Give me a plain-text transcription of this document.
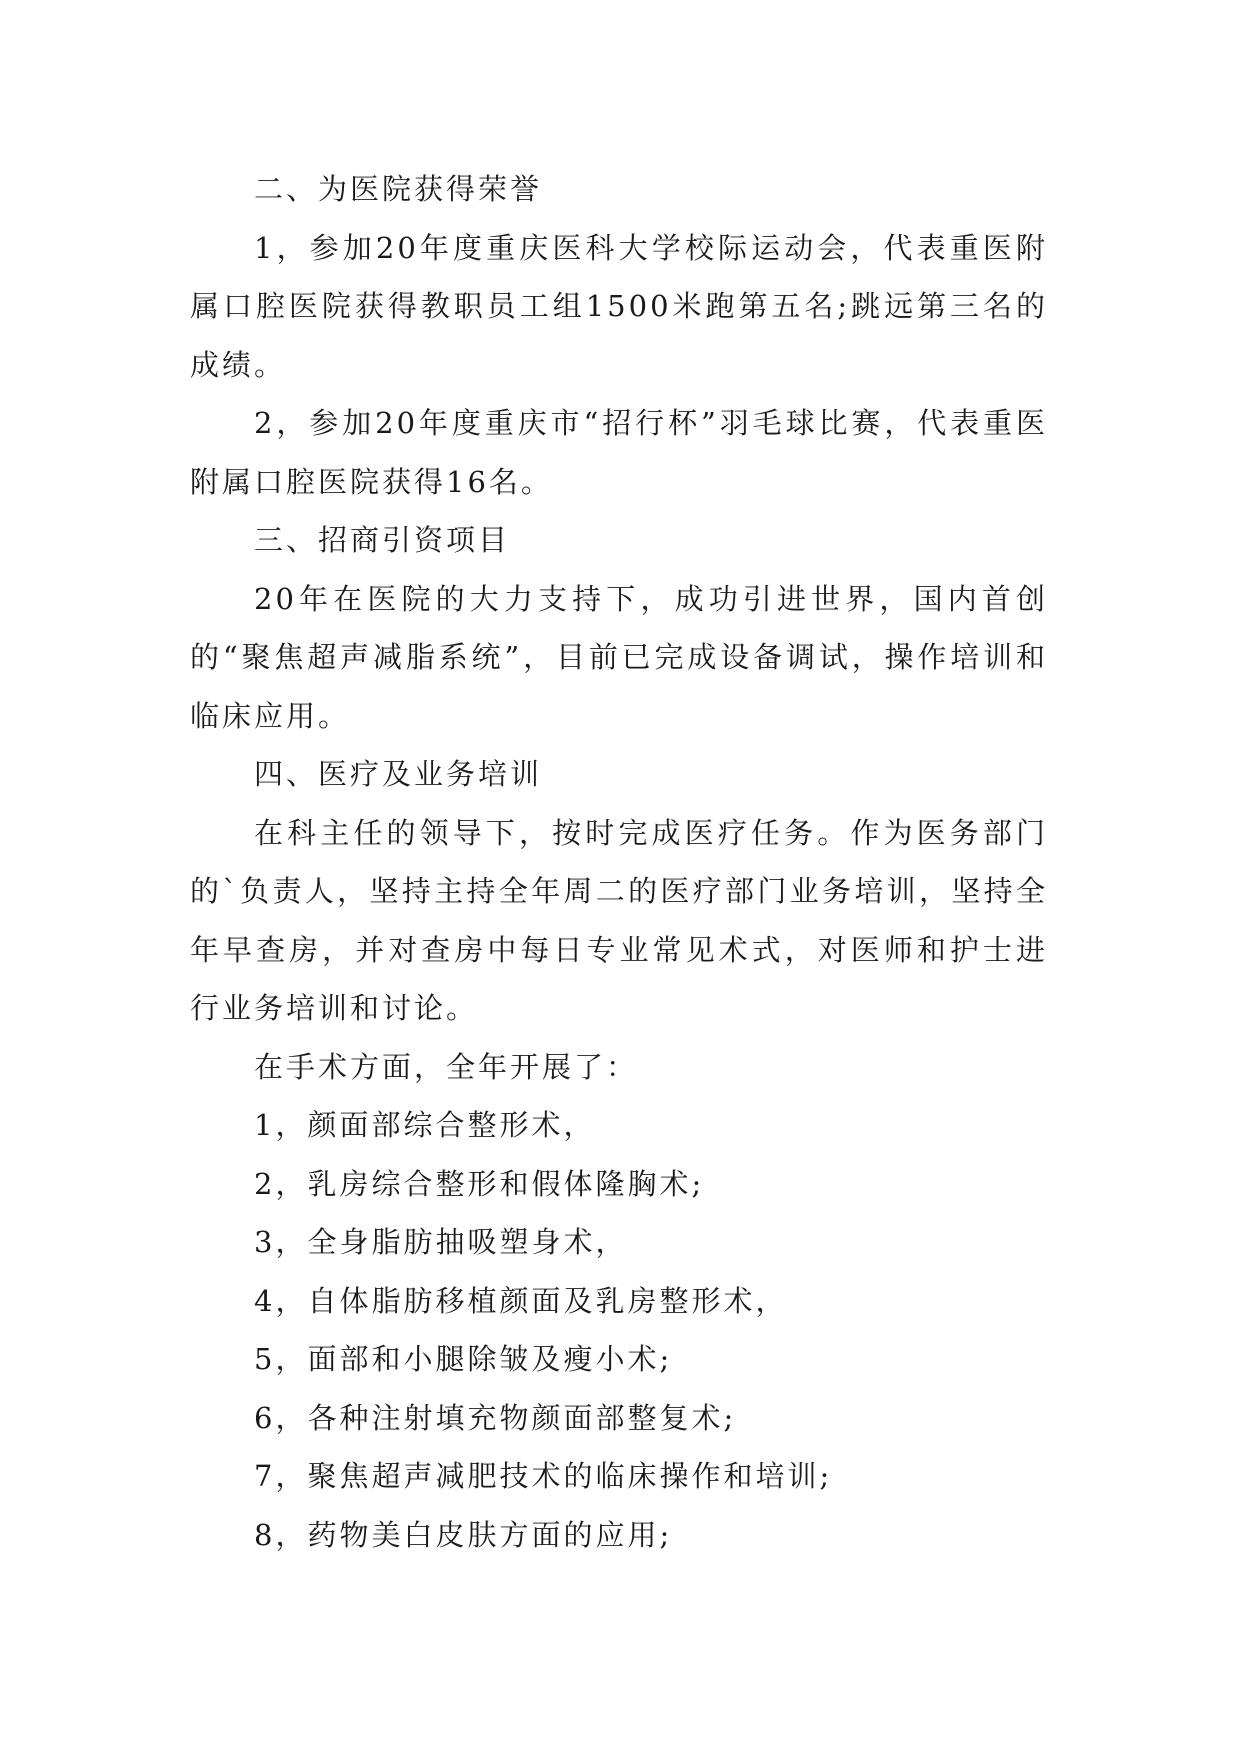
二、为医院获得荣誉

1，参加20年度重庆医科大学校际运动会，代表重医附属口腔医院获得教职员工组1500米跑第五名;跳远第三名的成绩。

2，参加20年度重庆市“招行杯”羽毛球比赛，代表重医附属口腔医院获得16名。

三、招商引资项目

20年在医院的大力支持下，成功引进世界，国内首创的“聚焦超声减脂系统”，目前已完成设备调试，操作培训和临床应用。

四、医疗及业务培训

在科主任的领导下，按时完成医疗任务。作为医务部门的`负责人，坚持主持全年周二的医疗部门业务培训，坚持全年早查房，并对查房中每日专业常见术式，对医师和护士进行业务培训和讨论。

在手术方面，全年开展了：

1，颜面部综合整形术，

2，乳房综合整形和假体隆胸术;

3，全身脂肪抽吸塑身术，

4，自体脂肪移植颜面及乳房整形术，

5，面部和小腿除皱及瘦小术;

6，各种注射填充物颜面部整复术;

7，聚焦超声减肥技术的临床操作和培训;

8，药物美白皮肤方面的应用;
